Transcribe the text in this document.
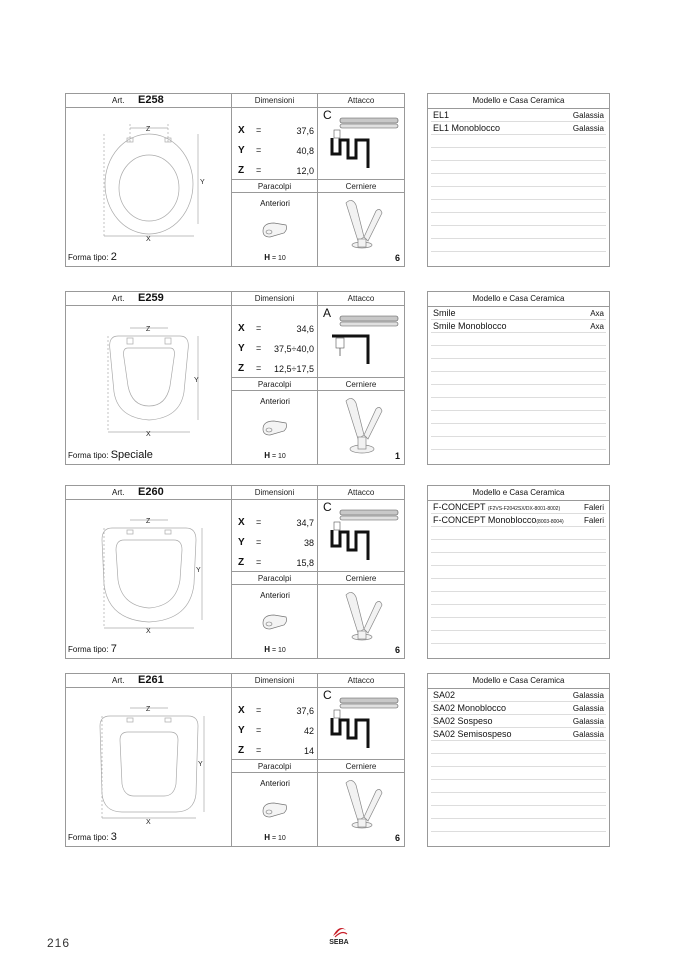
Art. E258	Dimensioni	Attacco
Z
Y
X
Forma tipo: 2
X =	37,6
Y =	40,8
Z =	12,0
C
Paracolpi	Cerniere
Anteriori
H = 10	6
Modello e Casa Ceramica
EL1	Galassia
EL1 Monoblocco	Galassia
Art. E259	Dimensioni	Attacco
Z
Y
X
Forma tipo: Speciale
X =	34,6
Y = 37,5÷40,0
Z = 12,5÷17,5
A
Paracolpi	Cerniere
Anteriori
H = 10	1
Modello e Casa Ceramica
Smile	Axa
Smile Monoblocco	Axa
Art. E260	Dimensioni	Attacco
Z
Y
X
Forma tipo: 7
X =	34,7
Y =	38
Z =	15,8
C
Paracolpi	Cerniere
Anteriori
H = 10	6
Modello e Casa Ceramica
F-CONCEPT (F2VS-F2042SX/DX-8001-8002)	Faleri
F-CONCEPT Monoblocco(8003-8004)	Faleri
Art. E261	Dimensioni	Attacco
Z
Y
X
Forma tipo: 3
X =	37,6
Y =	42
Z =	14
C
Paracolpi	Cerniere
Anteriori
H = 10	6
Modello e Casa Ceramica
SA02	Galassia
SA02 Monoblocco	Galassia
SA02 Sospeso	Galassia
SA02 Semisospeso	Galassia
216	SEBA
